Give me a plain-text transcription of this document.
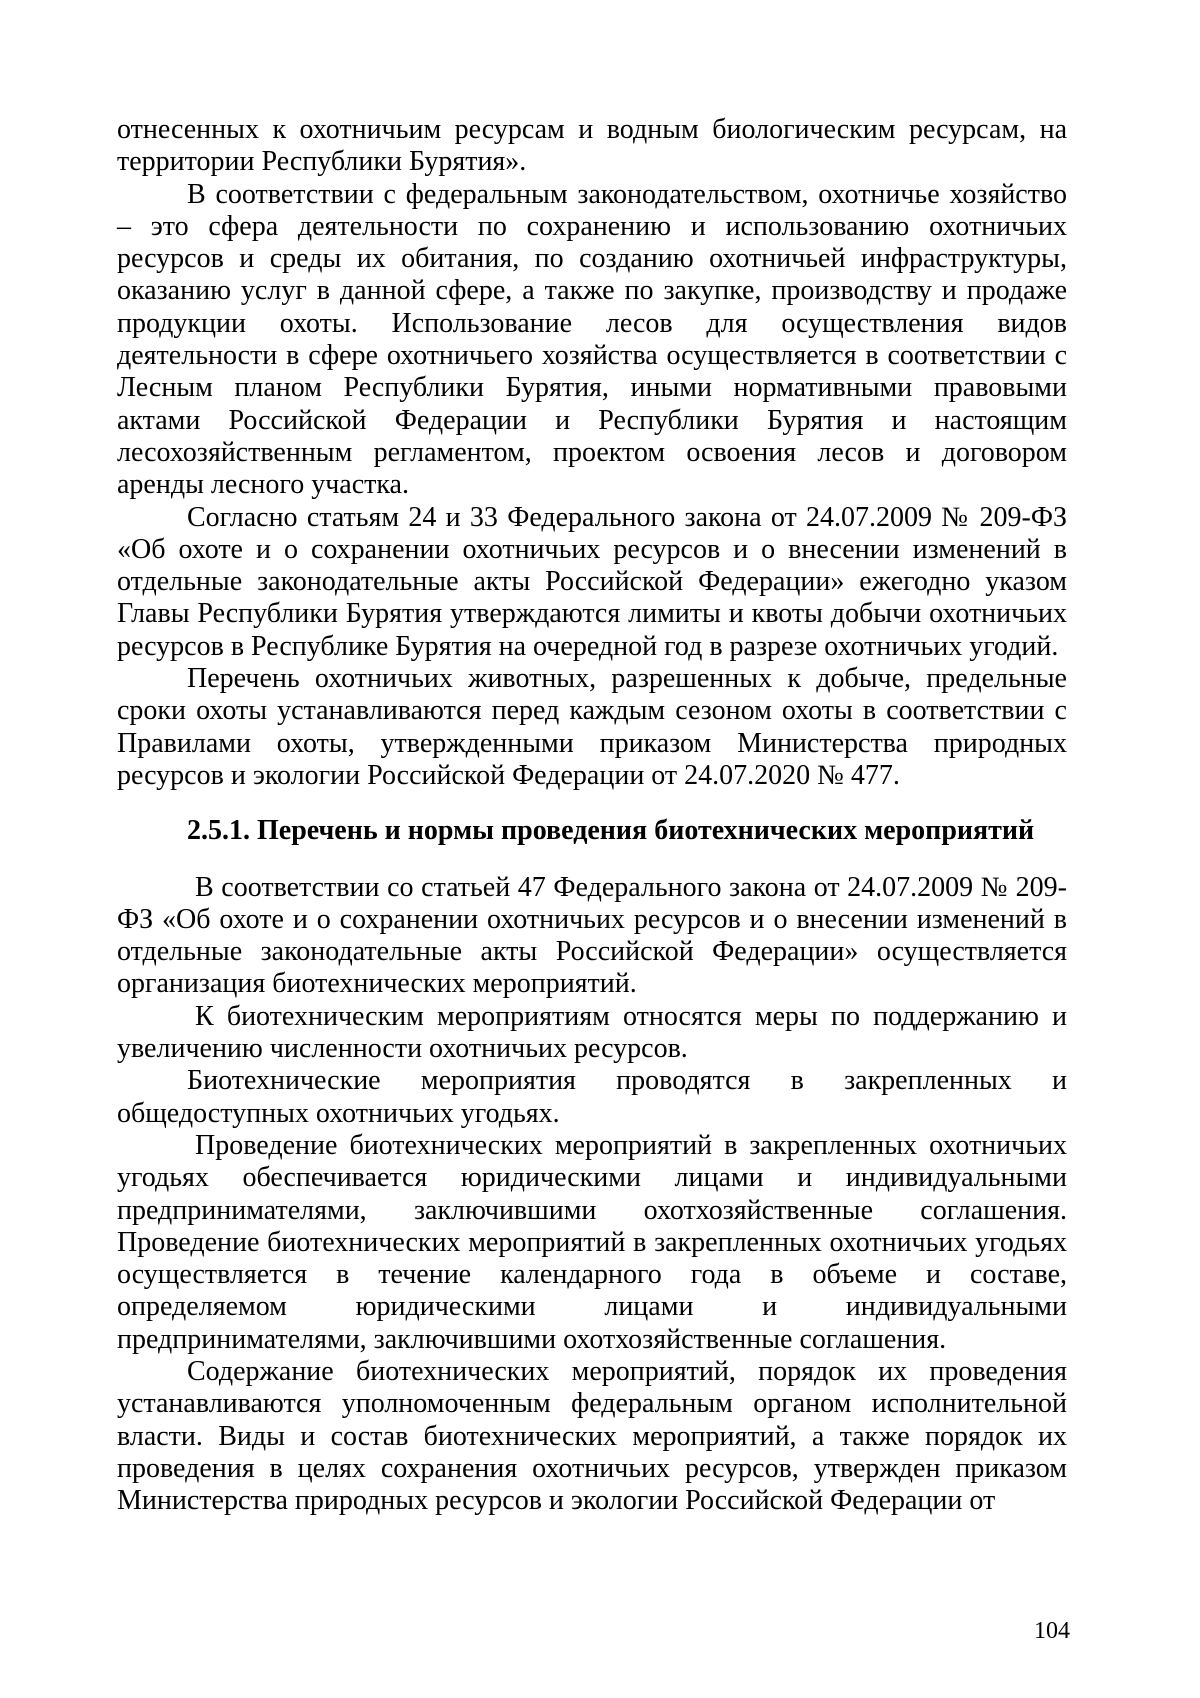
отнесенных к охотничьим ресурсам и водным биологическим ресурсам, на территории Республики Бурятия».

В соответствии с федеральным законодательством, охотничье хозяйство – это сфера деятельности по сохранению и использованию охотничьих ресурсов и среды их обитания, по созданию охотничьей инфраструктуры, оказанию услуг в данной сфере, а также по закупке, производству и продаже продукции охоты. Использование лесов для осуществления видов деятельности в сфере охотничьего хозяйства осуществляется в соответствии с Лесным планом Республики Бурятия, иными нормативными правовыми актами Российской Федерации и Республики Бурятия и настоящим лесохозяйственным регламентом, проектом освоения лесов и договором аренды лесного участка.

Согласно статьям 24 и 33 Федерального закона от 24.07.2009 № 209-ФЗ «Об охоте и о сохранении охотничьих ресурсов и о внесении изменений в отдельные законодательные акты Российской Федерации» ежегодно указом Главы Республики Бурятия утверждаются лимиты и квоты добычи охотничьих ресурсов в Республике Бурятия на очередной год в разрезе охотничьих угодий.

Перечень охотничьих животных, разрешенных к добыче, предельные сроки охоты устанавливаются перед каждым сезоном охоты в соответствии с Правилами охоты, утвержденными приказом Министерства природных ресурсов и экологии Российской Федерации от 24.07.2020 № 477.

2.5.1. Перечень и нормы проведения биотехнических мероприятий

В соответствии со статьей 47 Федерального закона от 24.07.2009 № 209-ФЗ «Об охоте и о сохранении охотничьих ресурсов и о внесении изменений в отдельные законодательные акты Российской Федерации» осуществляется организация биотехнических мероприятий.

К биотехническим мероприятиям относятся меры по поддержанию и увеличению численности охотничьих ресурсов.

Биотехнические мероприятия проводятся в закрепленных и общедоступных охотничьих угодьях.

Проведение биотехнических мероприятий в закрепленных охотничьих угодьях обеспечивается юридическими лицами и индивидуальными предпринимателями, заключившими охотхозяйственные соглашения. Проведение биотехнических мероприятий в закрепленных охотничьих угодьях осуществляется в течение календарного года в объеме и составе, определяемом юридическими лицами и индивидуальными предпринимателями, заключившими охотхозяйственные соглашения.

Содержание биотехнических мероприятий, порядок их проведения устанавливаются уполномоченным федеральным органом исполнительной власти. Виды и состав биотехнических мероприятий, а также порядок их проведения в целях сохранения охотничьих ресурсов, утвержден приказом Министерства природных ресурсов и экологии Российской Федерации от

104
